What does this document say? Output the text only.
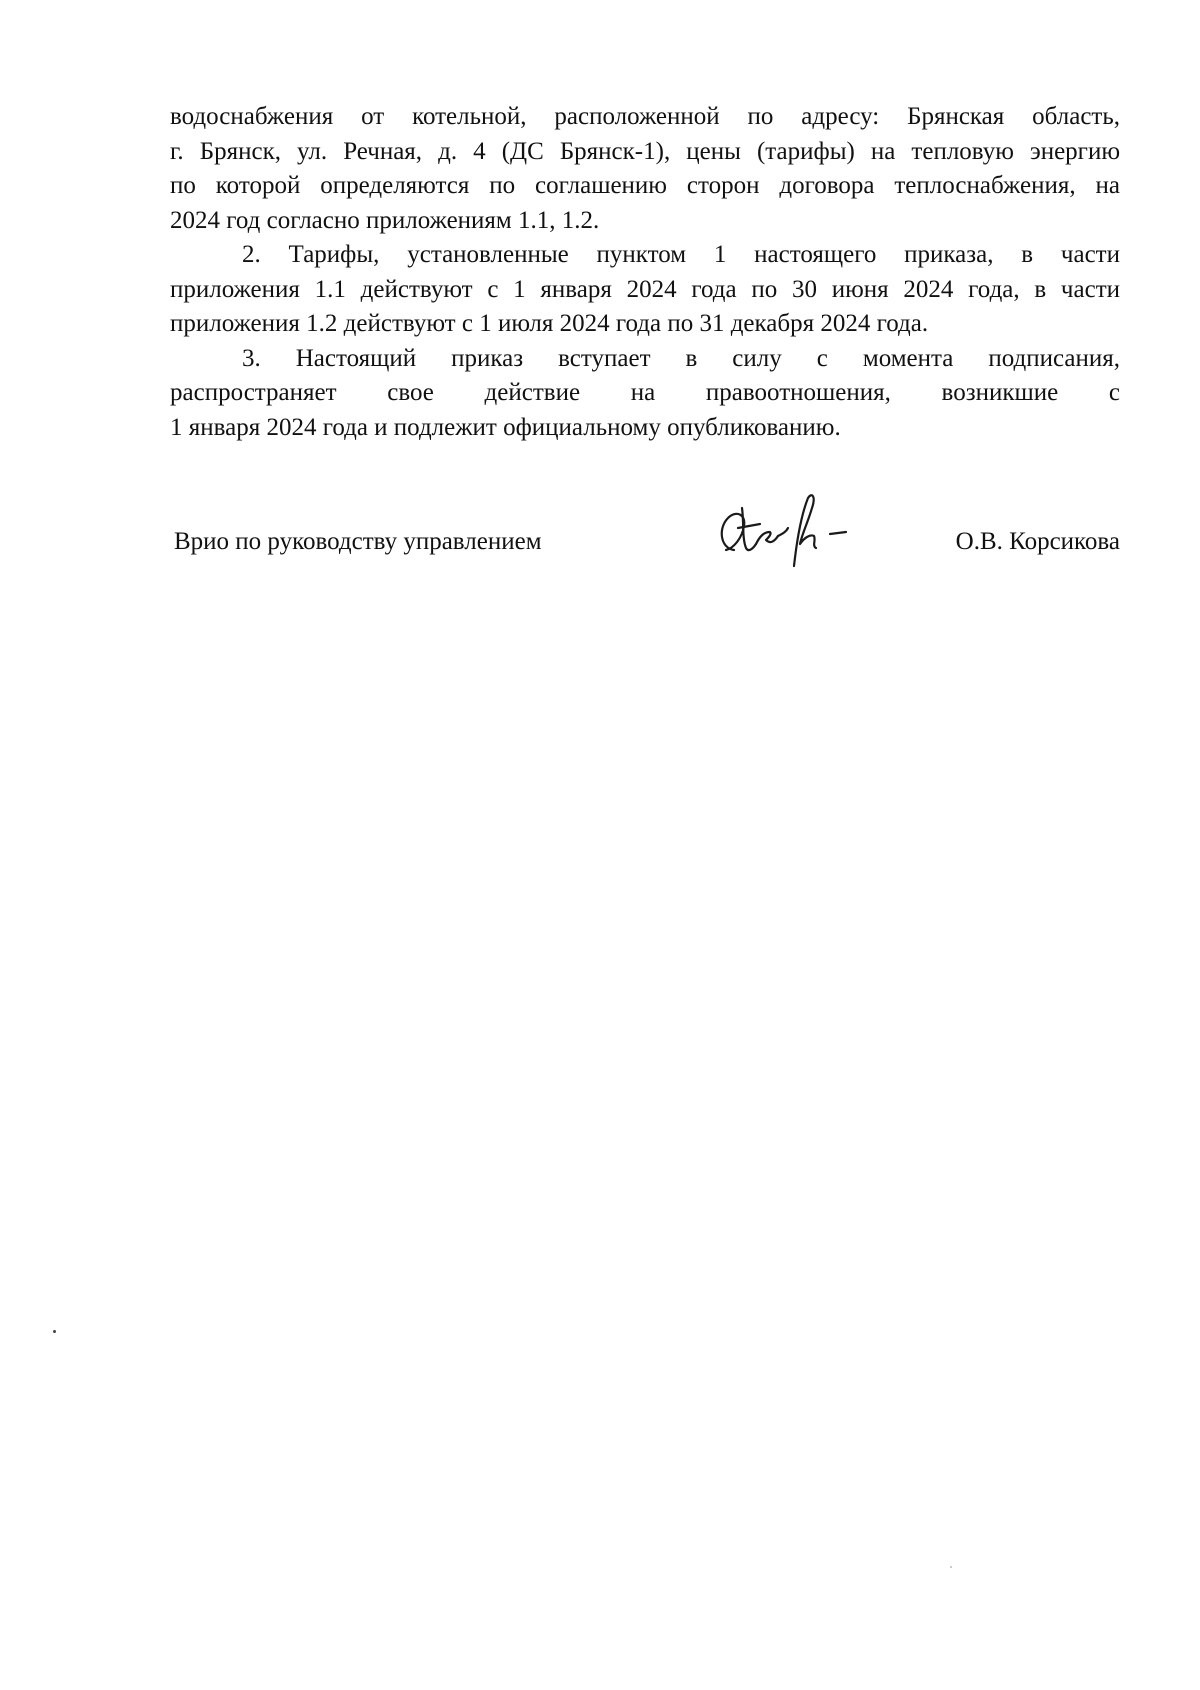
водоснабжения от котельной, расположенной по адресу: Брянская область,
г. Брянск, ул. Речная, д. 4 (ДС Брянск-1), цены (тарифы) на тепловую энергию
по которой определяются по соглашению сторон договора теплоснабжения, на
2024 год согласно приложениям 1.1, 1.2.
2. Тарифы, установленные пунктом 1 настоящего приказа, в части
приложения 1.1 действуют с 1 января 2024 года по 30 июня 2024 года, в части
приложения 1.2 действуют с 1 июля 2024 года по 31 декабря 2024 года.
3. Настоящий приказ вступает в силу с момента подписания,
распространяет свое действие на правоотношения, возникшие с
1 января 2024 года и подлежит официальному опубликованию.
Врио по руководству управлением	О.В. Корсикова
